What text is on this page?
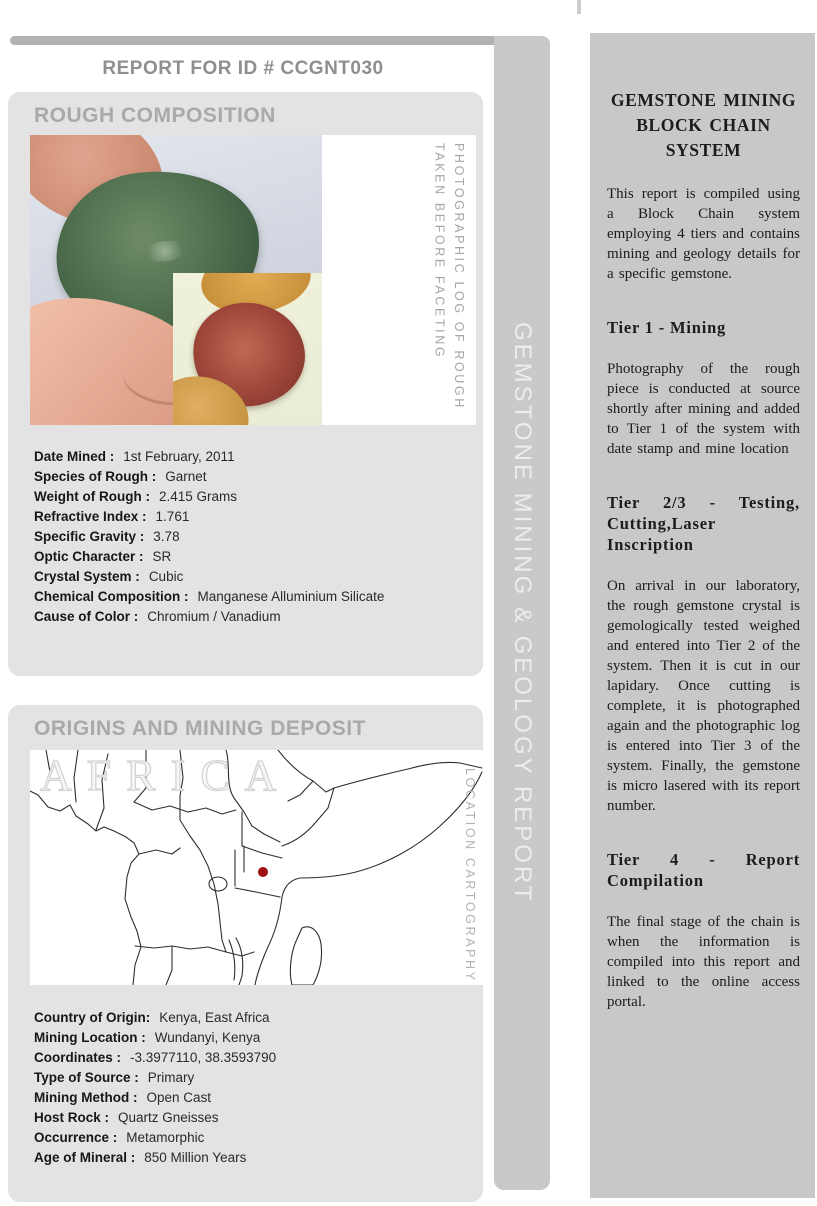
REPORT FOR ID # CCGNT030
ROUGH COMPOSITION
PHOTOGRAPHIC LOG OF ROUGH
TAKEN BEFORE FACETING
Date Mined : 1st February, 2011
Species of Rough : Garnet
Weight of Rough : 2.415 Grams
Refractive Index : 1.761
Specific Gravity : 3.78
Optic Character : SR
Crystal System : Cubic
Chemical Composition : Manganese Alluminium Silicate
Cause of Color : Chromium / Vanadium
ORIGINS AND MINING DEPOSIT
AFRICA	LOCATION CARTOGRAPHY
Country of Origin: Kenya, East Africa
Mining Location : Wundanyi, Kenya
Coordinates : -3.3977110, 38.3593790
Type of Source : Primary
Mining Method : Open Cast
Host Rock : Quartz Gneisses
Occurrence : Metamorphic
Age of Mineral : 850 Million Years
GEMSTONE MINING & GEOLOGY REPORT
GEMSTONE MINING BLOCK CHAIN SYSTEM
This report is compiled using a Block Chain system employing 4 tiers and contains mining and geology details for a specific gemstone.
Tier 1 - Mining
Photography of the rough piece is conducted at source shortly after mining and added to Tier 1 of the system with date stamp and mine location
Tier 2/3 - Testing, Cutting,Laser Inscription
On arrival in our laboratory, the rough gemstone crystal is gemologically tested weighed and entered into Tier 2 of the system. Then it is cut in our lapidary. Once cutting is complete, it is photographed again and the photographic log is entered into Tier 3 of the system. Finally, the gemstone is micro lasered with its report number.
Tier 4 - Report Compilation
The final stage of the chain is when the information is compiled into this report and linked to the online access portal.
